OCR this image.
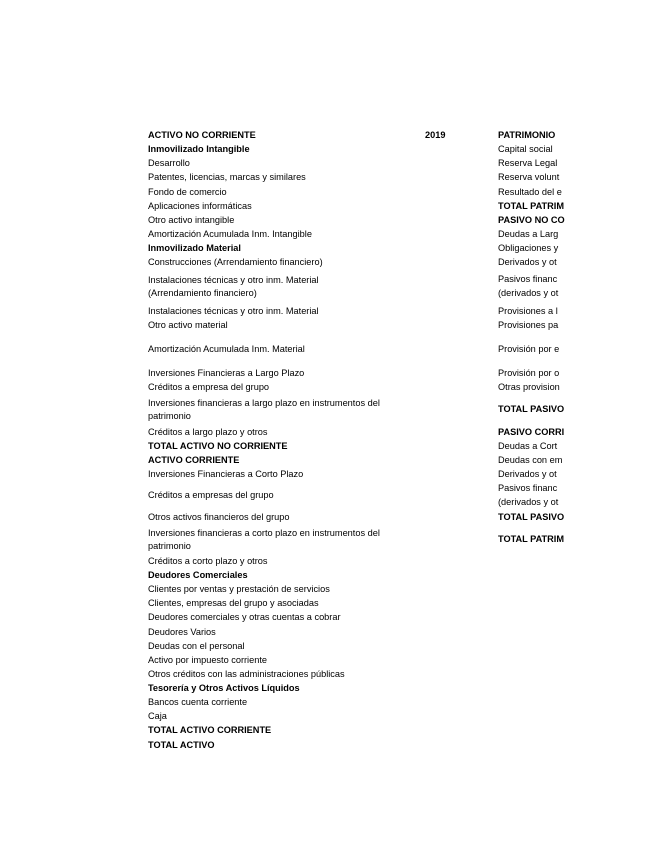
ACTIVO NO CORRIENTE	2019	PATRIMONIO
Inmovilizado Intangible
Desarrollo
Patentes, licencias, marcas y similares
Fondo de comercio
Aplicaciones informáticas
Otro activo intangible
Amortización Acumulada Inm. Intangible
Inmovilizado Material
Construcciones (Arrendamiento financiero)
Instalaciones técnicas y otro inm. Material (Arrendamiento financiero)
Instalaciones técnicas y otro inm. Material
Otro activo material
Amortización Acumulada Inm. Material
Inversiones Financieras a Largo Plazo
Créditos a empresa del grupo
Inversiones financieras a largo plazo en instrumentos del patrimonio
Créditos a largo plazo y otros
TOTAL ACTIVO NO CORRIENTE
ACTIVO CORRIENTE
Inversiones Financieras a Corto Plazo
Créditos a empresas del grupo
Otros activos financieros del grupo
Inversiones financieras a corto plazo en instrumentos del patrimonio
Créditos a corto plazo y otros
Deudores Comerciales
Clientes por ventas y prestación de servicios
Clientes, empresas del grupo y asociadas
Deudores comerciales y otras cuentas a cobrar
Deudores Varios
Deudas con el personal
Activo por impuesto corriente
Otros créditos con las administraciones públicas
Tesorería y Otros Activos Líquidos
Bancos cuenta corriente
Caja
TOTAL ACTIVO CORRIENTE
TOTAL ACTIVO
Capital social
Reserva Legal
Reserva volunt
Resultado del e
TOTAL PATRIM
PASIVO NO CO
Deudas a Larg
Obligaciones y
Derivados y ot
Pasivos financ
(derivados y ot
Provisiones a l
Provisiones pa
Provisión por e
Provisión por o
Otras provision
TOTAL PASIVO
PASIVO CORRI
Deudas a Cort
Deudas con em
Derivados y ot
Pasivos financ
(derivados y ot
TOTAL PASIVO
TOTAL PATRIM
